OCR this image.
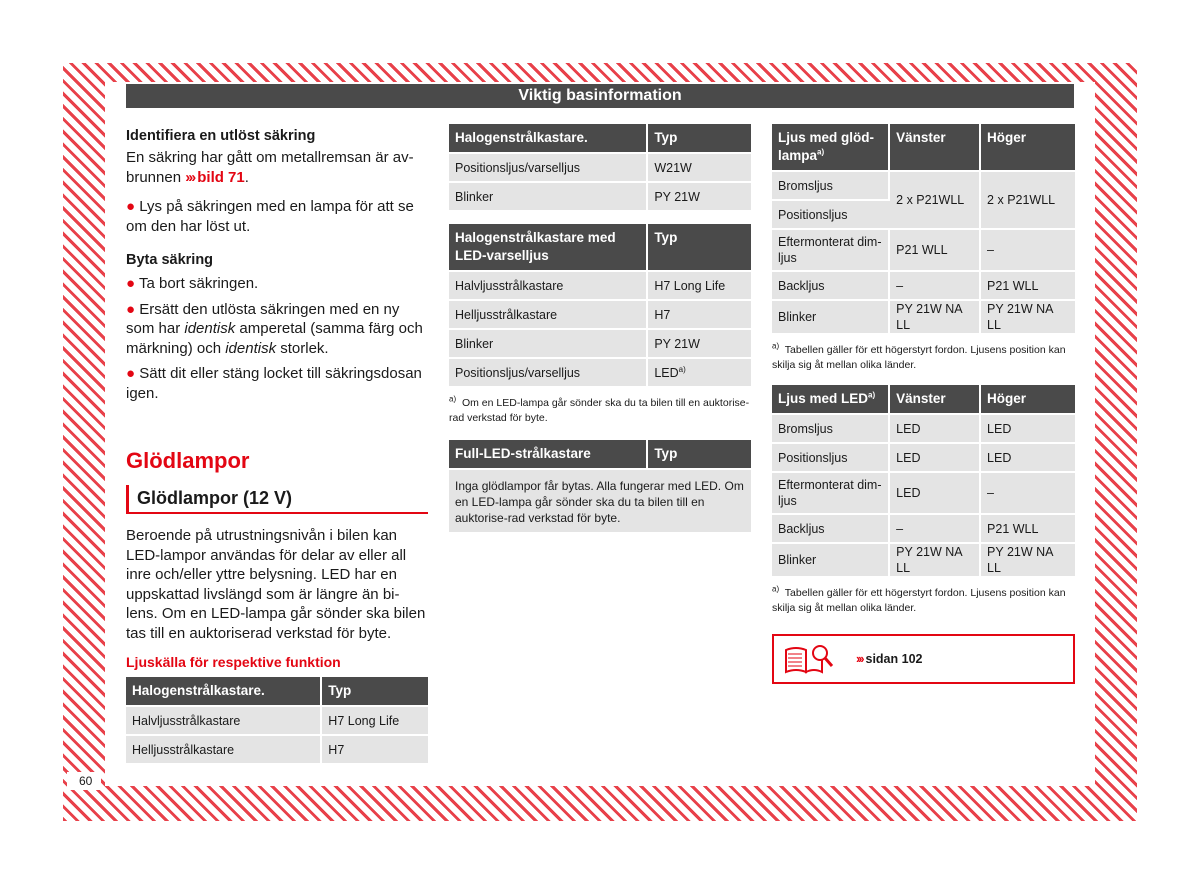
60
Viktig basinformation
Identifiera en utlöst säkring

En säkring har gått om metallremsan är av-brunnen ››› bild 71.

● Lys på säkringen med en lampa för att se om den har löst ut.
Byta säkring
● Ta bort säkringen.
● Ersätt den utlösta säkringen med en ny som har identisk amperetal (samma färg och märkning) och identisk storlek.
● Sätt dit eller stäng locket till säkringsdosan igen.
Glödlampor
Glödlampor (12 V)

Beroende på utrustningsnivån i bilen kan LED-lampor användas för delar av eller all inre och/eller yttre belysning. LED har en uppskattad livslängd som är längre än bi-lens. Om en LED-lampa går sönder ska bilen tas till en auktoriserad verkstad för byte.

Ljuskälla för respektive funktion
Halogenstrålkastare.	Typ
Halvljusstrålkastare	H7 Long Life
Helljusstrålkastare	H7
Halogenstrålkastare.	Typ
Positionsljus/varselljus	W21W
Blinker	PY 21W
Halogenstrålkastare med LED-varselljus	Typ
Halvljusstrålkastare	H7 Long Life
Helljusstrålkastare	H7
Blinker	PY 21W
Positionsljus/varselljus	LED$^{a)}$
$^{a)}$ Om en LED-lampa går sönder ska du ta bilen till en auktorise-rad verkstad för byte.
Full-LED-strålkastare	Typ
Inga glödlampor får bytas. Alla fungerar med LED. Om en LED-lampa går sönder ska du ta bilen till en auktorise-rad verkstad för byte.
Ljus med glöd-lampa$^{a)}$	Vänster	Höger
Bromsljus	2 x P21WLL	2 x P21WLL
Positionsljus		
Eftermonterat dim-ljus	P21 WLL	–
Backljus	–	P21 WLL
Blinker	PY 21W NA LL	PY 21W NA LL
$^{a)}$ Tabellen gäller för ett högerstyrt fordon. Ljusens position kan skilja sig åt mellan olika länder.
Ljus med LED$^{a)}$	Vänster	Höger
Bromsljus	LED	LED
Positionsljus	LED	LED
Eftermonterat dim-ljus	LED	–
Backljus	–	P21 WLL
Blinker	PY 21W NA LL	PY 21W NA LL
$^{a)}$ Tabellen gäller för ett högerstyrt fordon. Ljusens position kan skilja sig åt mellan olika länder.
››› sidan 102
